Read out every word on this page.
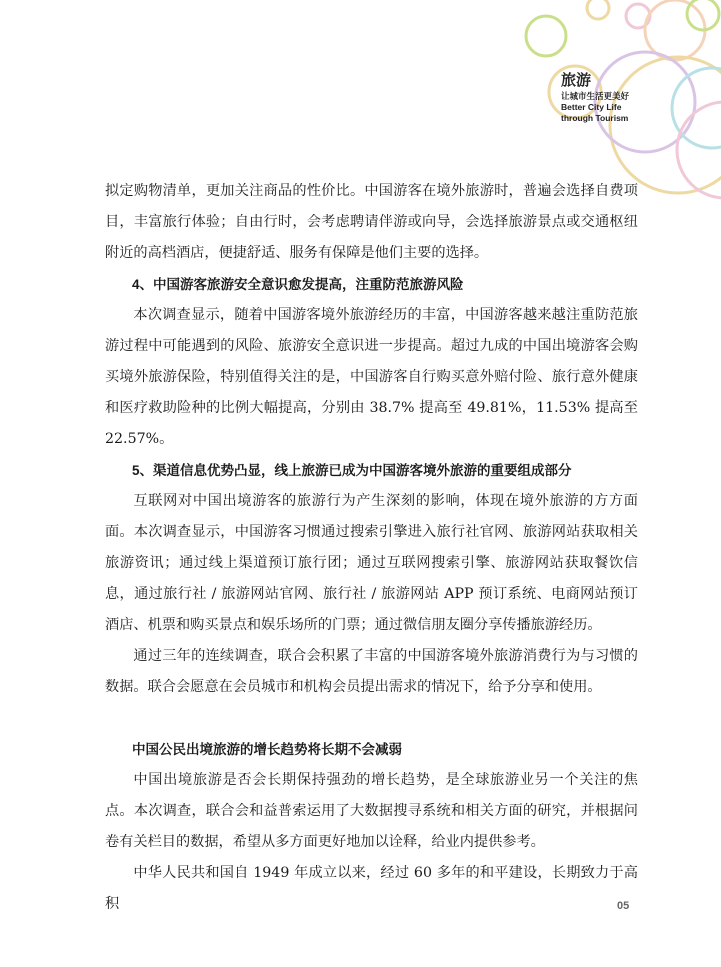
旅游
让城市生活更美好
Better City Life
through Tourism

拟定购物清单，更加关注商品的性价比。中国游客在境外旅游时，普遍会选择自费项目，丰富旅行体验；自由行时，会考虑聘请伴游或向导，会选择旅游景点或交通枢纽附近的高档酒店，便捷舒适、服务有保障是他们主要的选择。

4、中国游客旅游安全意识愈发提高，注重防范旅游风险

本次调查显示，随着中国游客境外旅游经历的丰富，中国游客越来越注重防范旅游过程中可能遇到的风险、旅游安全意识进一步提高。超过九成的中国出境游客会购买境外旅游保险，特别值得关注的是，中国游客自行购买意外赔付险、旅行意外健康和医疗救助险种的比例大幅提高，分别由 38.7% 提高至 49.81%，11.53% 提高至 22.57%。

5、渠道信息优势凸显，线上旅游已成为中国游客境外旅游的重要组成部分

互联网对中国出境游客的旅游行为产生深刻的影响，体现在境外旅游的方方面面。本次调查显示，中国游客习惯通过搜索引擎进入旅行社官网、旅游网站获取相关旅游资讯；通过线上渠道预订旅行团；通过互联网搜索引擎、旅游网站获取餐饮信息，通过旅行社 / 旅游网站官网、旅行社 / 旅游网站 APP 预订系统、电商网站预订酒店、机票和购买景点和娱乐场所的门票；通过微信朋友圈分享传播旅游经历。

通过三年的连续调查，联合会积累了丰富的中国游客境外旅游消费行为与习惯的数据。联合会愿意在会员城市和机构会员提出需求的情况下，给予分享和使用。

中国公民出境旅游的增长趋势将长期不会减弱

中国出境旅游是否会长期保持强劲的增长趋势，是全球旅游业另一个关注的焦点。本次调查，联合会和益普索运用了大数据搜寻系统和相关方面的研究，并根据问卷有关栏目的数据，希望从多方面更好地加以诠释，给业内提供参考。

中华人民共和国自 1949 年成立以来，经过 60 多年的和平建设，长期致力于高积	05
